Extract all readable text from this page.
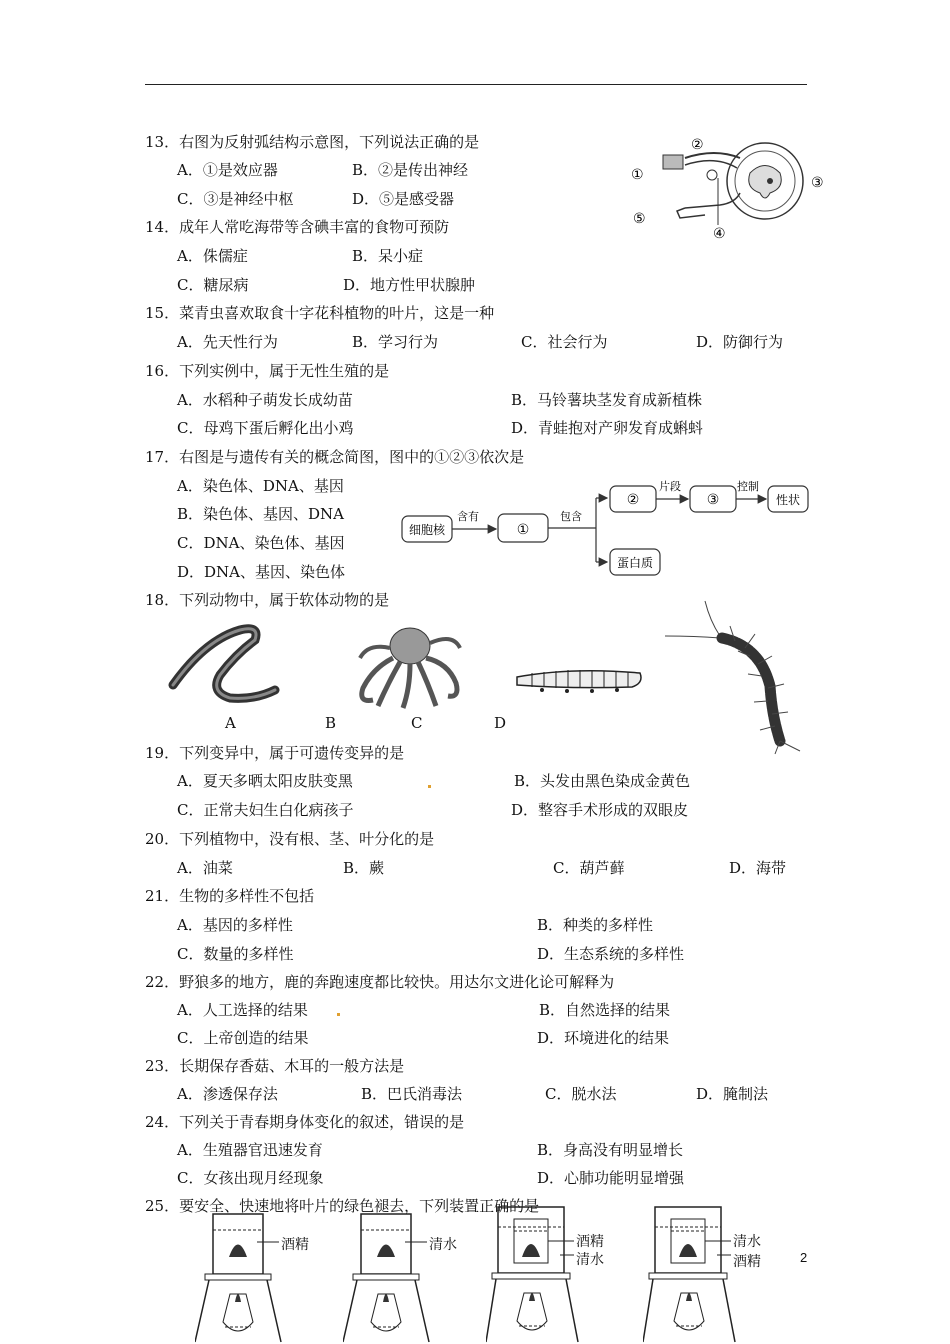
13．右图为反射弧结构示意图，下列说法正确的是
A．①是效应器	B．②是传出神经
C．③是神经中枢	D．⑤是感受器
14．成年人常吃海带等含碘丰富的食物可预防
A．侏儒症	B．呆小症
C．糖尿病	D．地方性甲状腺肿
15．菜青虫喜欢取食十字花科植物的叶片，这是一种
A．先天性行为	B．学习行为	C．社会行为	D．防御行为
16．下列实例中，属于无性生殖的是
A．水稻种子萌发长成幼苗	B．马铃薯块茎发育成新植株
C．母鸡下蛋后孵化出小鸡	D．青蛙抱对产卵发育成蝌蚪
17．右图是与遗传有关的概念简图，图中的①②③依次是
A．染色体、DNA、基因
B．染色体、基因、DNA
C．DNA、染色体、基因
D．DNA、基因、染色体
18．下列动物中，属于软体动物的是
19．下列变异中，属于可遗传变异的是
A．夏天多晒太阳皮肤变黑	B．头发由黑色染成金黄色
C．正常夫妇生白化病孩子	D．整容手术形成的双眼皮
20．下列植物中，没有根、茎、叶分化的是
A．油菜	B．蕨	C．葫芦藓	D．海带
21．生物的多样性不包括
A．基因的多样性	B．种类的多样性
C．数量的多样性	D．生态系统的多样性
22．野狼多的地方，鹿的奔跑速度都比较快。用达尔文进化论可解释为
A．人工选择的结果	B．自然选择的结果
C．上帝创造的结果	D．环境进化的结果
23．长期保存香菇、木耳的一般方法是
A．渗透保存法	B．巴氏消毒法	C．脱水法	D．腌制法
24．下列关于青春期身体变化的叙述，错误的是
A．生殖器官迅速发育	B．身高没有明显增长
C．女孩出现月经现象	D．心肺功能明显增强
25．要安全、快速地将叶片的绿色褪去，下列装置正确的是
①
②
③
④
⑤
细胞核
含有
①
包含
②
片段
③
控制
性状
蛋白质
A	B	C	D
酒精	清水	酒精
清水
清水
酒精	2
